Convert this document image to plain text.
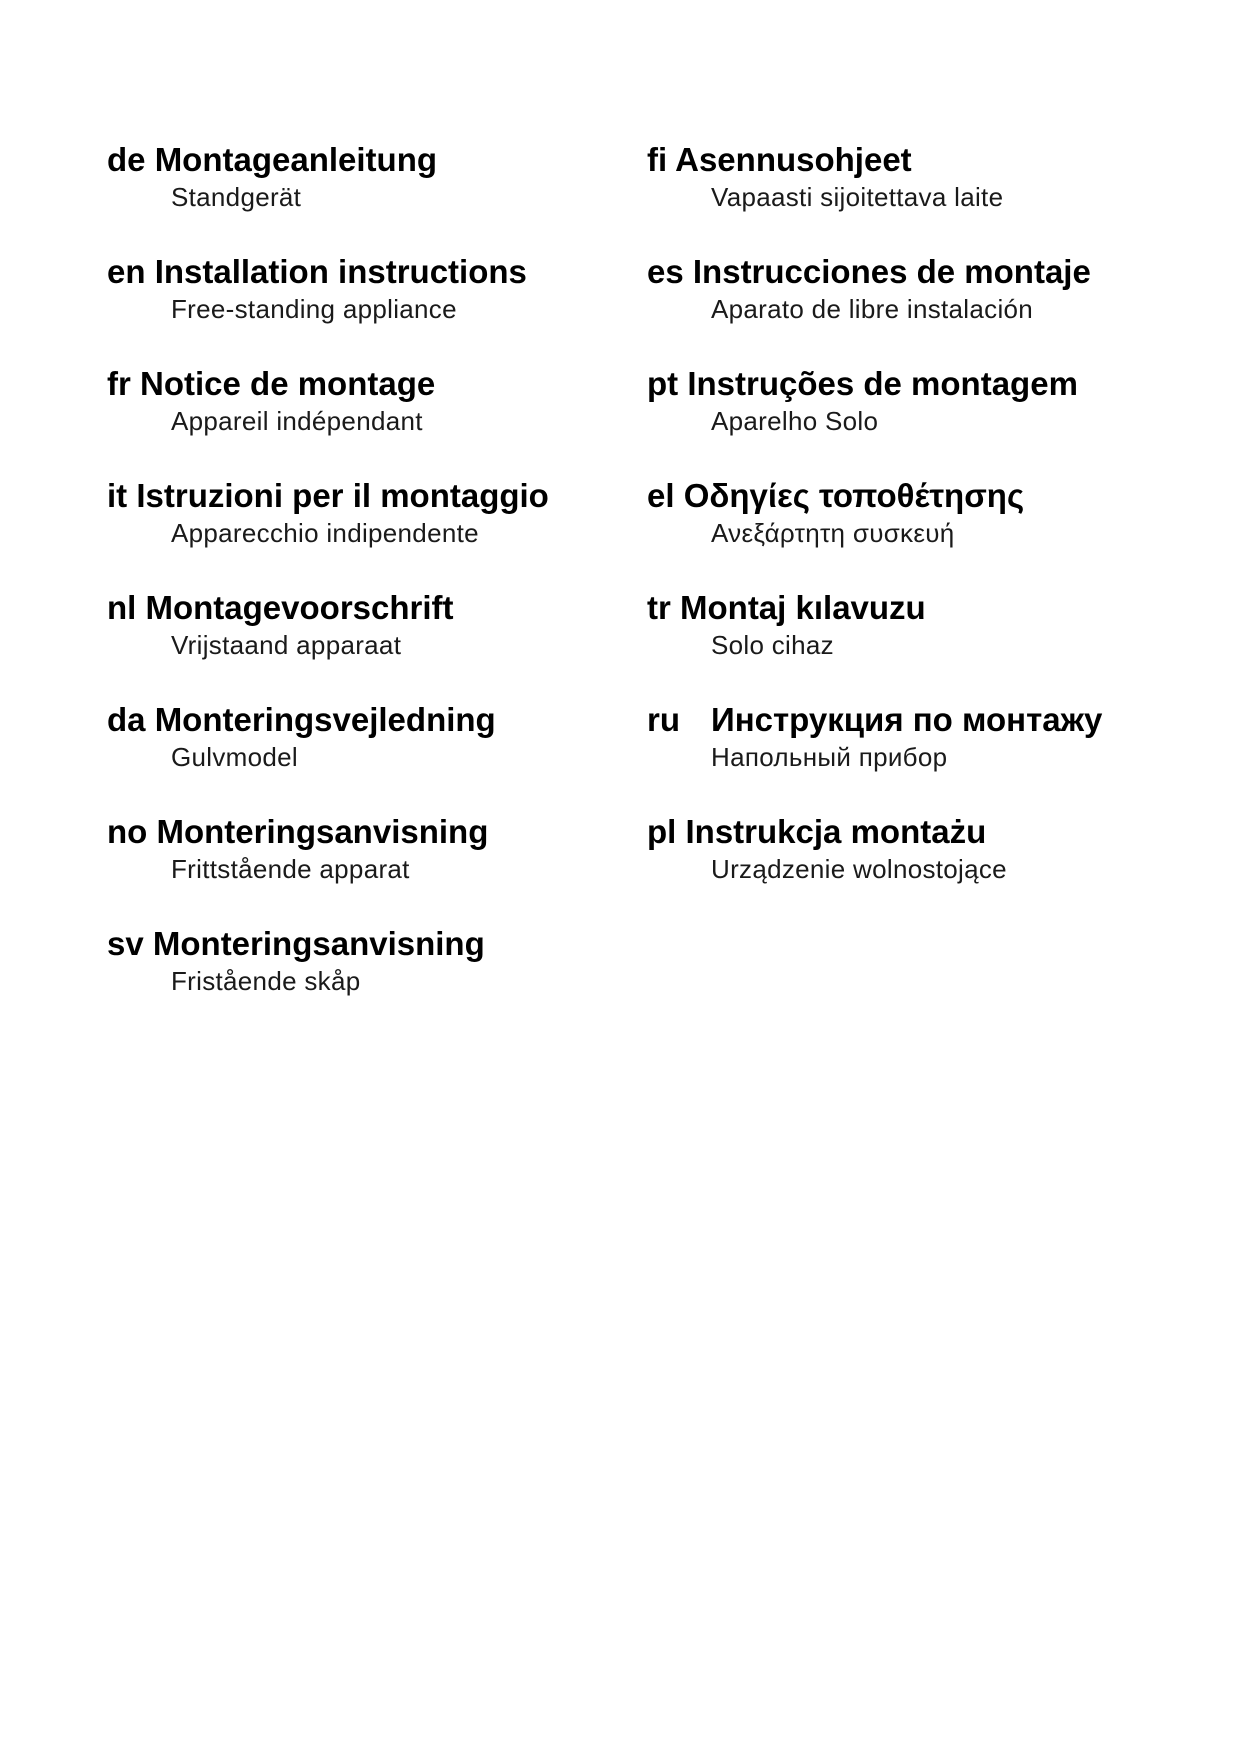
de Montageanleitung
Standgerät
en Installation instructions
Free-standing appliance
fr Notice de montage
Appareil indépendant
it Istruzioni per il montaggio
Apparecchio indipendente
nl Montagevoorschrift
Vrijstaand apparaat
da Monteringsvejledning
Gulvmodel
no Monteringsanvisning
Frittstående apparat
sv Monteringsanvisning
Fristående skåp
fi Asennusohjeet
Vapaasti sijoitettava laite
es Instrucciones de montaje
Aparato de libre instalación
pt Instruções de montagem
Aparelho Solo
el Οδηγίες τοποθέτησης
Ανεξάρτητη συσκευή
tr Montaj kılavuzu
Solo cihaz
ru Инструкция по монтажу
Напольный прибор
pl Instrukcja montażu
Urządzenie wolnostojące
